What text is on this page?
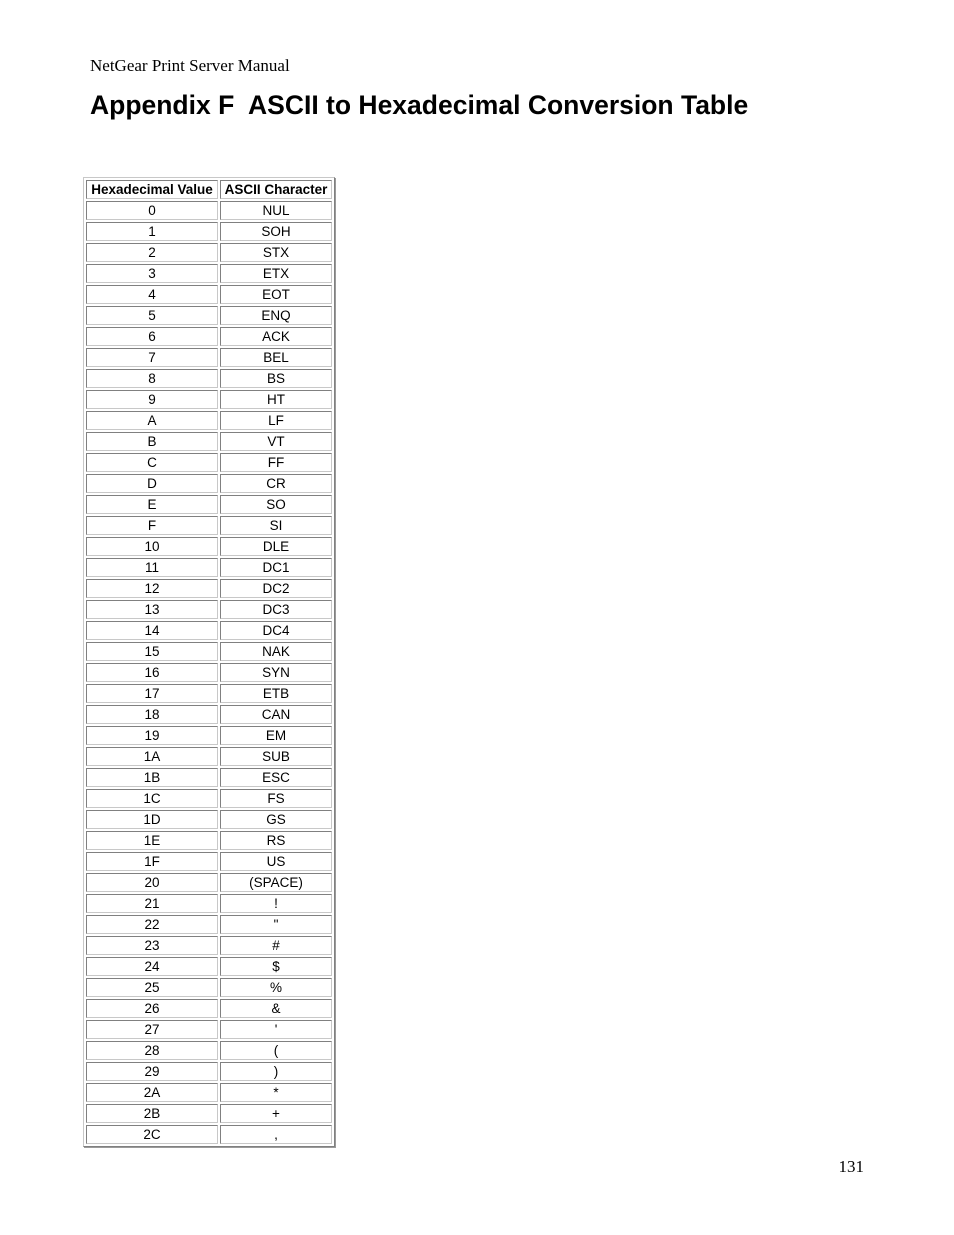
NetGear Print Server Manual
Appendix F  ASCII to Hexadecimal Conversion Table
Hexadecimal Value	ASCII Character
0	NUL
1	SOH
2	STX
3	ETX
4	EOT
5	ENQ
6	ACK
7	BEL
8	BS
9	HT
A	LF
B	VT
C	FF
D	CR
E	SO
F	SI
10	DLE
11	DC1
12	DC2
13	DC3
14	DC4
15	NAK
16	SYN
17	ETB
18	CAN
19	EM
1A	SUB
1B	ESC
1C	FS
1D	GS
1E	RS
1F	US
20	(SPACE)
21	!
22	"
23	#
24	$
25	%
26	&
27	'
28	(
29	)
2A	*
2B	+
2C	,
131
